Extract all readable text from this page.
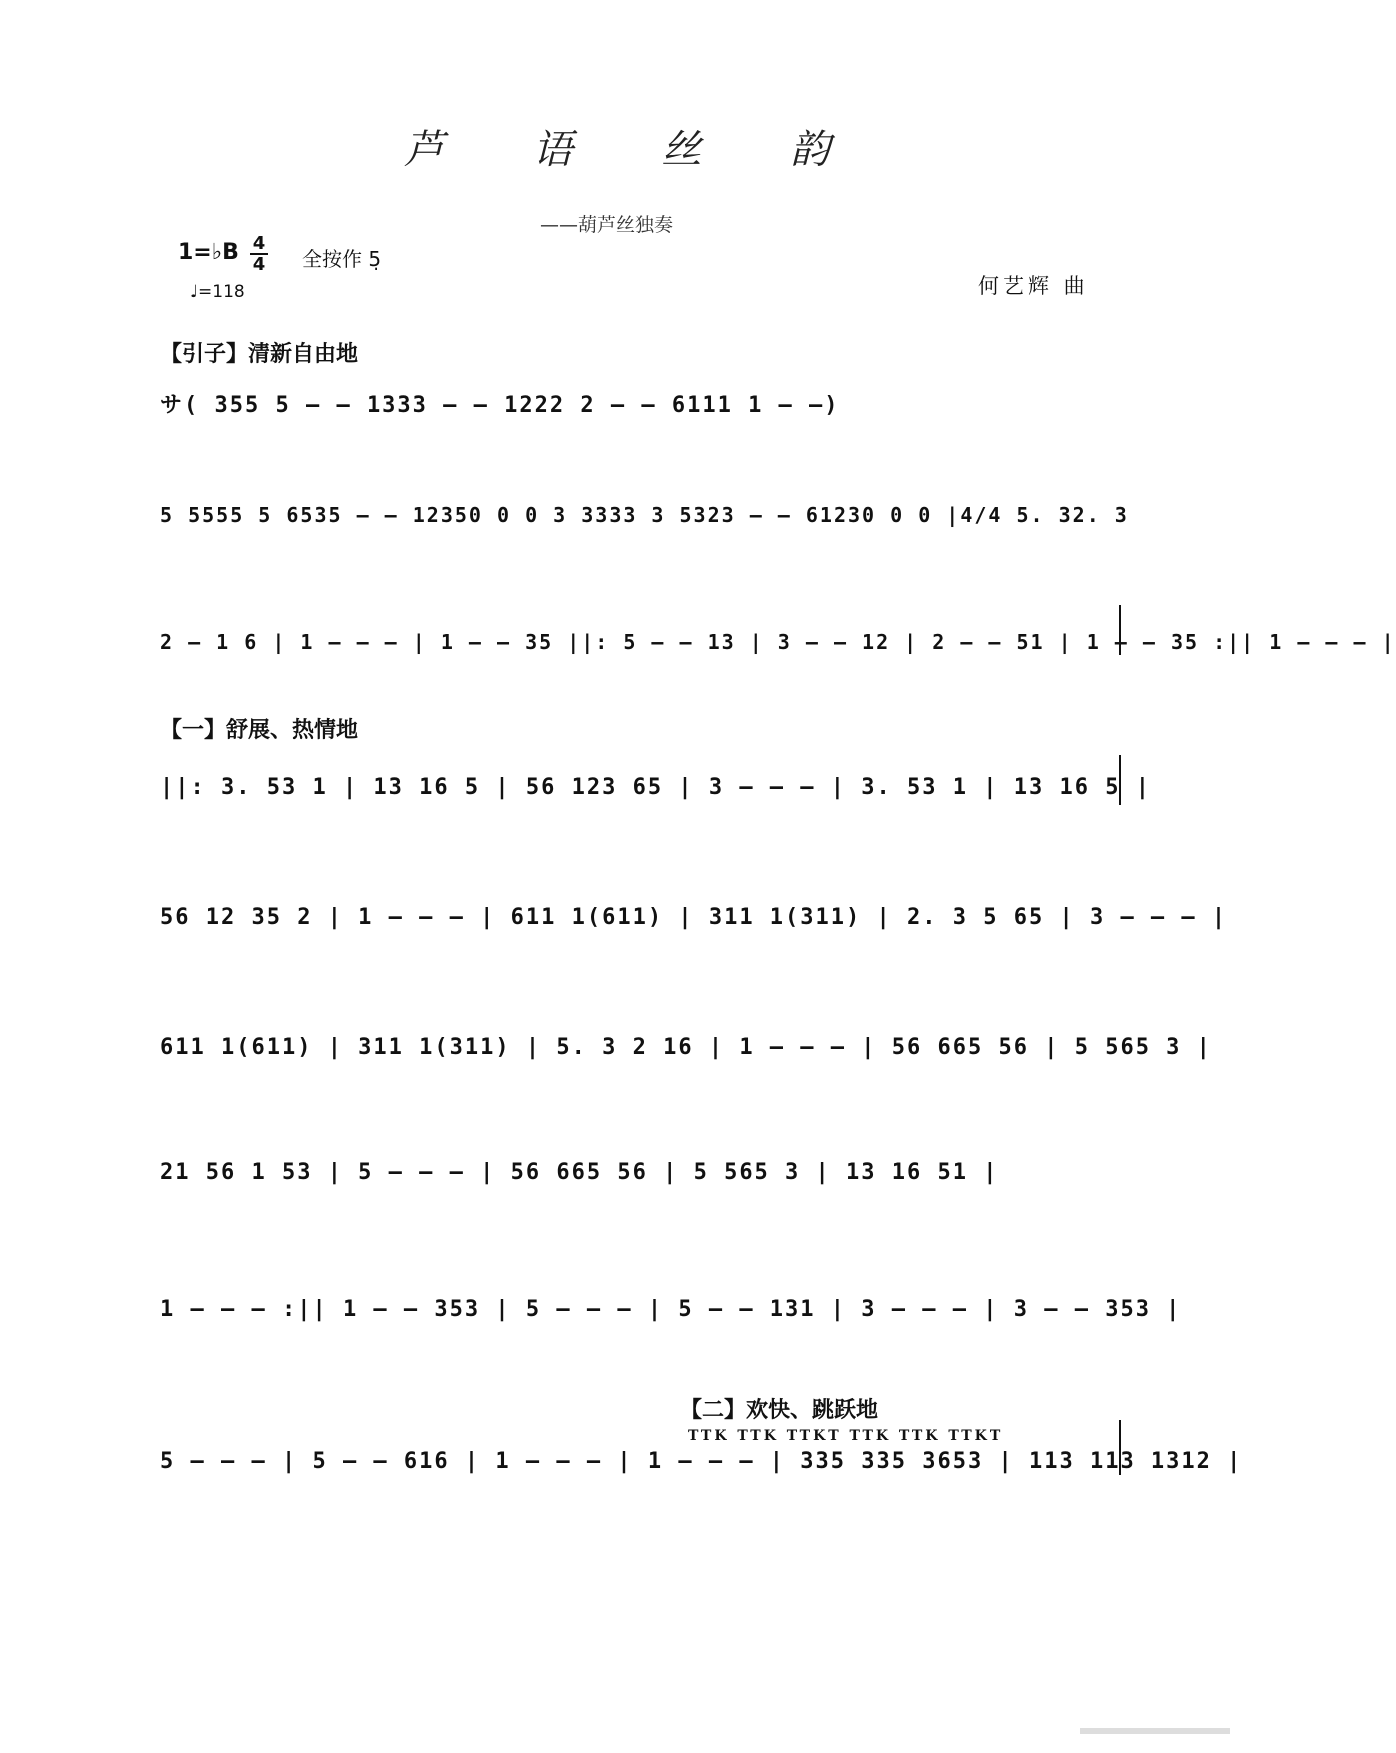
芦 语 丝 韵
——葫芦丝独奏
1=♭B 4
4 全按作 5̣
♩=118	何艺辉 曲
【引子】清新自由地
【一】舒展、热情地
【二】欢快、跳跃地
サ( 355 5 – – 1333 – – 1222 2 – – 6111 1 – –)
5 5555 5 6535 – – 12350 0 0 3 3333 3 5323 – – 61230 0 0 |4/4 5. 32. 3
2 – 1 6 | 1 – – – | 1 – – 35 ||: 5 – – 13 | 3 – – 12 | 2 – – 51 | 1 – – 35 :|| 1 – – – |
||: 3. 53 1 | 13 16 5 | 56 123 65 | 3 – – – | 3. 53 1 | 13 16 5 |
56 12 35 2 | 1 – – – | 611 1(611) | 311 1(311) | 2. 3 5 65 | 3 – – – |
611 1(611) | 311 1(311) | 5. 3 2 16 | 1 – – – | 56 665 56 | 5 565 3 |
21 56 1 53 | 5 – – – | 56 665 56 | 5 565 3 | 13 16 51 |
1 – – – :|| 1 – – 353 | 5 – – – | 5 – – 131 | 3 – – – | 3 – – 353 |
5 – – – | 5 – – 616 | 1 – – – | 1 – – – | 335 335 3653 | 113 113 1312 |
TTK TTK TTKT TTK TTK TTKT
